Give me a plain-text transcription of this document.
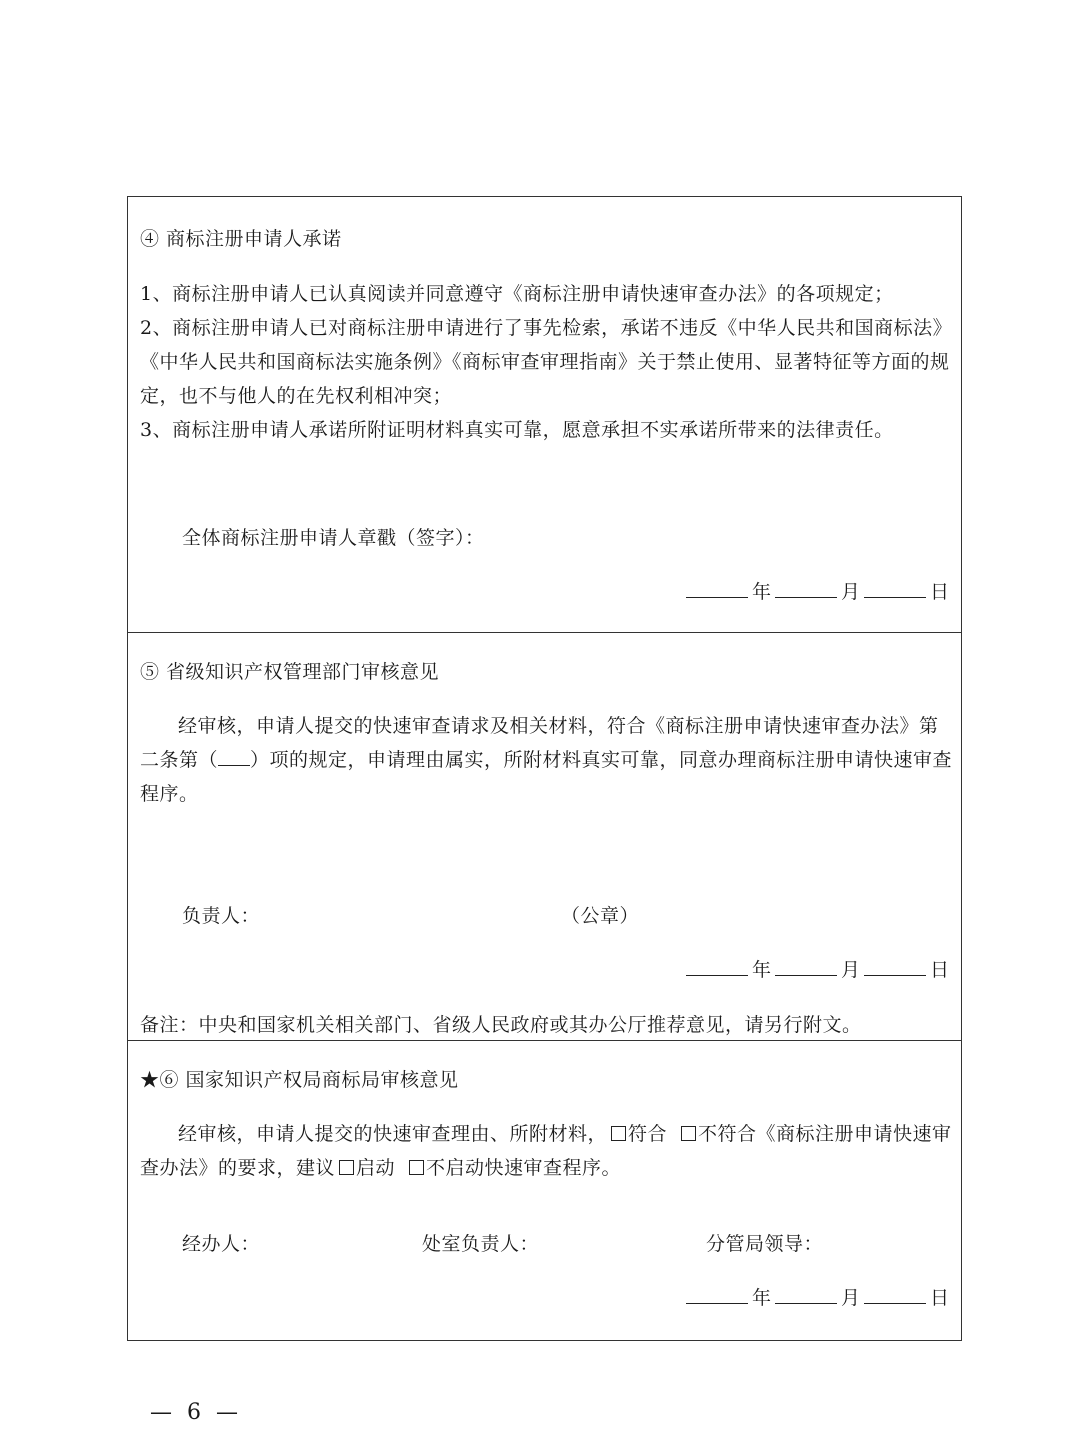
④ 商标注册申请人承诺

1、商标注册申请人已认真阅读并同意遵守《商标注册申请快速审查办法》的各项规定；

2、商标注册申请人已对商标注册申请进行了事先检索，承诺不违反《中华人民共和国商标法》《中华人民共和国商标法实施条例》《商标审查审理指南》关于禁止使用、显著特征等方面的规定，也不与他人的在先权利相冲突；

3、商标注册申请人承诺所附证明材料真实可靠，愿意承担不实承诺所带来的法律责任。

全体商标注册申请人章戳（签字）：
年	月	日
⑤ 省级知识产权管理部门审核意见
经审核，申请人提交的快速审查请求及相关材料，符合《商标注册申请快速审查办法》第二条第（ ）项的规定，申请理由属实，所附材料真实可靠，同意办理商标注册申请快速审查程序。
负责人：	（公章）
年	月	日
备注：中央和国家机关相关部门、省级人民政府或其办公厅推荐意见，请另行附文。
★⑥ 国家知识产权局商标局审核意见
经审核，申请人提交的快速审查理由、所附材料， 符合 不符合《商标注册申请快速审查办法》的要求，建议 启动 不启动快速审查程序。
经办人：	处室负责人：	分管局领导：
年	月	日
— 6 —
